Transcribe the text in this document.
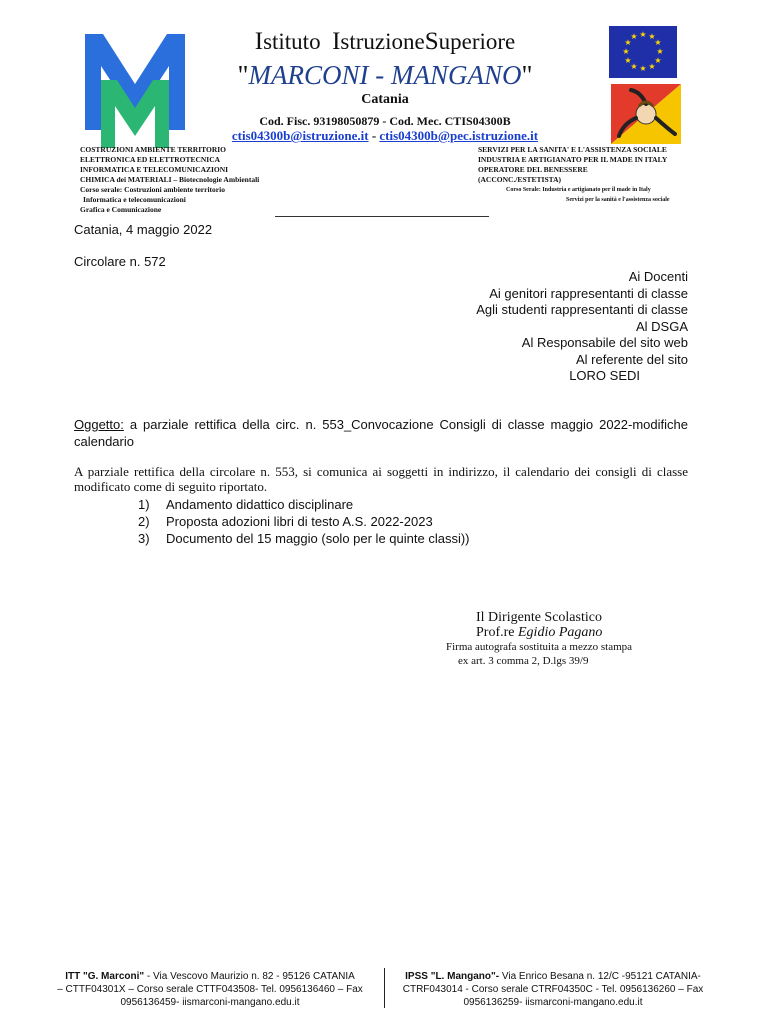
★ ★
★
★
★
★
★
★
★
★
★
★
Istituto IstruzioneSuperiore
"MARCONI - MANGANO"
Catania
Cod. Fisc. 93198050879 - Cod. Mec. CTIS04300B
ctis04300b@istruzione.it - ctis04300b@pec.istruzione.it
COSTRUZIONI AMBIENTE TERRITORIO
ELETTRONICA ED ELETTROTECNICA
INFORMATICA E TELECOMUNICAZIONI
CHIMICA dei MATERIALI – Biotecnologie Ambientali
Corso serale: Costruzioni ambiente territorio
Informatica e telecomunicazioni
Grafica e Comunicazione
SERVIZI PER LA SANITA' E L'ASSISTENZA SOCIALE
INDUSTRIA E ARTIGIANATO PER IL MADE IN ITALY
OPERATORE DEL BENESSERE
(ACCONC./ESTETISTA)
Corso Serale: Industria e artigianato per il made in Italy
Servizi per la sanità e l'assistenza sociale
Catania, 4 maggio 2022
Circolare n. 572
Ai Docenti
Ai genitori rappresentanti di classe
Agli studenti rappresentanti di classe
Al DSGA
Al Responsabile del sito web
Al referente del sito
LORO SEDI
Oggetto: a parziale rettifica della circ. n. 553_Convocazione Consigli di classe maggio 2022-modifiche calendario
A parziale rettifica della circolare n. 553, si comunica ai soggetti in indirizzo, il calendario dei consigli di classe modificato come di seguito riportato.
1) Andamento didattico disciplinare
2) Proposta adozioni libri di testo A.S. 2022-2023
3) Documento del 15 maggio (solo per le quinte classi))
Il Dirigente Scolastico
Prof.re Egidio Pagano
Firma autografa sostituita a mezzo stampa
ex art. 3 comma 2, D.lgs 39/9
ITT "G. Marconi" - Via Vescovo Maurizio n. 82 - 95126 CATANIA
– CTTF04301X – Corso serale CTTF043508- Tel. 0956136460 – Fax
0956136459- iismarconi-mangano.edu.it
IPSS "L. Mangano"- Via Enrico Besana n. 12/C -95121 CATANIA-
CTRF043014 - Corso serale CTRF04350C - Tel. 0956136260 – Fax
0956136259- iismarconi-mangano.edu.it
